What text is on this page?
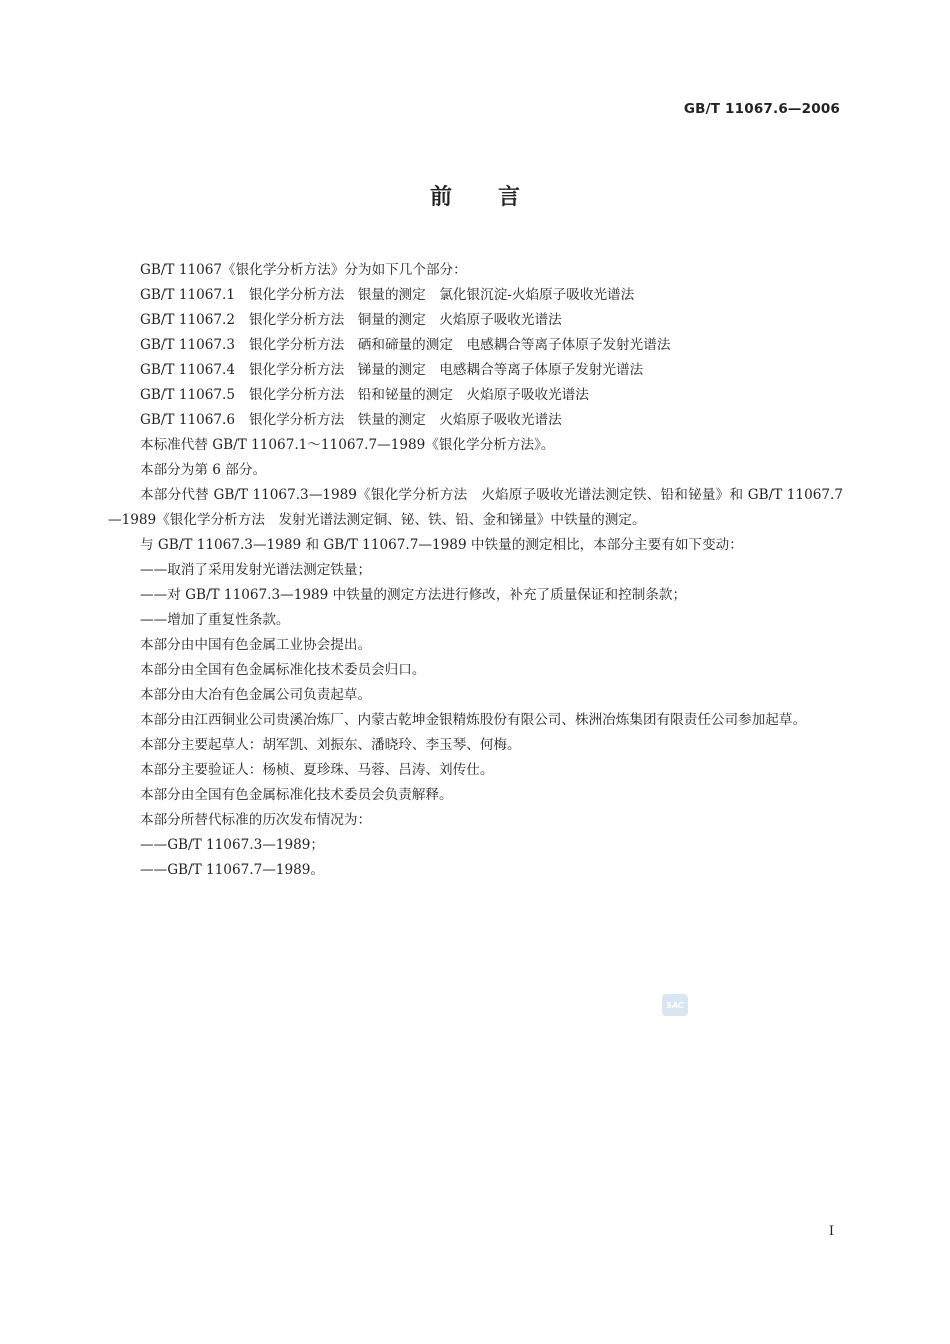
GB/T 11067.6—2006
前言

GB/T 11067《银化学分析方法》分为如下几个部分：

GB/T 11067.1 银化学分析方法　银量的测定　氯化银沉淀-火焰原子吸收光谱法

GB/T 11067.2 银化学分析方法　铜量的测定　火焰原子吸收光谱法

GB/T 11067.3 银化学分析方法　硒和碲量的测定　电感耦合等离子体原子发射光谱法

GB/T 11067.4 银化学分析方法　锑量的测定　电感耦合等离子体原子发射光谱法

GB/T 11067.5 银化学分析方法　铅和铋量的测定　火焰原子吸收光谱法

GB/T 11067.6 银化学分析方法　铁量的测定　火焰原子吸收光谱法

本标准代替 GB/T 11067.1～11067.7—1989《银化学分析方法》。

本部分为第 6 部分。

本部分代替 GB/T 11067.3—1989《银化学分析方法　火焰原子吸收光谱法测定铁、铅和铋量》和 GB/T 11067.7—1989《银化学分析方法　发射光谱法测定铜、铋、铁、铅、金和锑量》中铁量的测定。

与 GB/T 11067.3—1989 和 GB/T 11067.7—1989 中铁量的测定相比，本部分主要有如下变动：

——取消了采用发射光谱法测定铁量；

——对 GB/T 11067.3—1989 中铁量的测定方法进行修改，补充了质量保证和控制条款；

——增加了重复性条款。

本部分由中国有色金属工业协会提出。

本部分由全国有色金属标准化技术委员会归口。

本部分由大冶有色金属公司负责起草。

本部分由江西铜业公司贵溪冶炼厂、内蒙古乾坤金银精炼股份有限公司、株洲冶炼集团有限责任公司参加起草。

本部分主要起草人：胡军凯、刘振东、潘晓玲、李玉琴、何梅。

本部分主要验证人：杨桢、夏珍珠、马蓉、吕涛、刘传仕。

本部分由全国有色金属标准化技术委员会负责解释。

本部分所替代标准的历次发布情况为：

——GB/T 11067.3—1989；

——GB/T 11067.7—1989。

SAC
I
